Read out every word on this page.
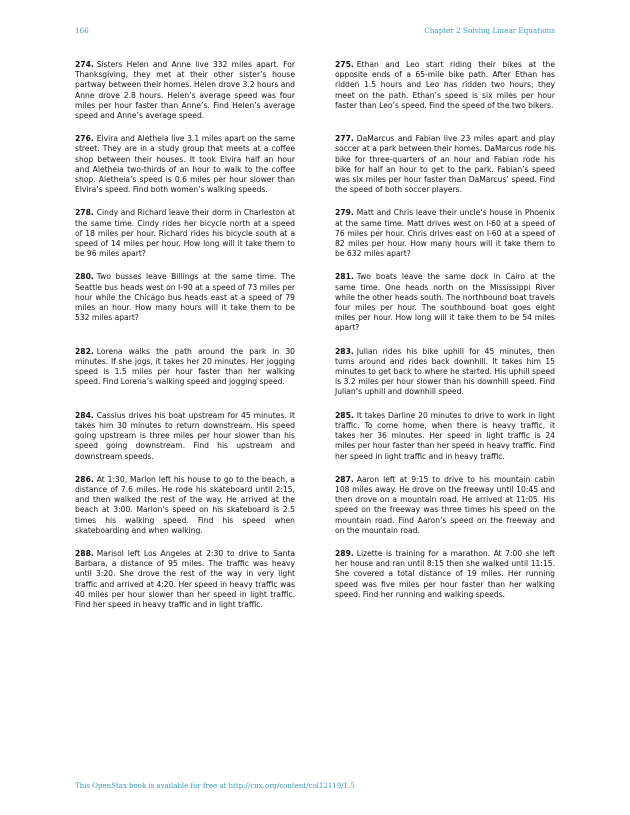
166	Chapter 2 Solving Linear Equations
274. Sisters Helen and Anne live 332 miles apart. For Thanksgiving, they met at their other sister’s house partway between their homes. Helen drove 3.2 hours and Anne drove 2.8 hours. Helen’s average speed was four miles per hour faster than Anne’s. Find Helen’s average speed and Anne’s average speed.
275. Ethan and Leo start riding their bikes at the opposite ends of a 65-mile bike path. After Ethan has ridden 1.5 hours and Leo has ridden two hours, they meet on the path. Ethan’s speed is six miles per hour faster than Leo’s speed. Find the speed of the two bikers.
276. Elvira and Aletheia live 3.1 miles apart on the same street. They are in a study group that meets at a coffee shop between their houses. It took Elvira half an hour and Aletheia two-thirds of an hour to walk to the coffee shop. Aletheia’s speed is 0.6 miles per hour slower than Elvira’s speed. Find both women’s walking speeds.
277. DaMarcus and Fabian live 23 miles apart and play soccer at a park between their homes. DaMarcus rode his bike for three-quarters of an hour and Fabian rode his bike for half an hour to get to the park. Fabian’s speed was six miles per hour faster than DaMarcus’ speed. Find the speed of both soccer players.
278. Cindy and Richard leave their dorm in Charleston at the same time. Cindy rides her bicycle north at a speed of 18 miles per hour. Richard rides his bicycle south at a speed of 14 miles per hour. How long will it take them to be 96 miles apart?
279. Matt and Chris leave their uncle’s house in Phoenix at the same time. Matt drives west on I-60 at a speed of 76 miles per hour. Chris drives east on I-60 at a speed of 82 miles per hour. How many hours will it take them to be 632 miles apart?
280. Two busses leave Billings at the same time. The Seattle bus heads west on I-90 at a speed of 73 miles per hour while the Chicago bus heads east at a speed of 79 miles an hour. How many hours will it take them to be 532 miles apart?
281. Two boats leave the same dock in Cairo at the same time. One heads north on the Mississippi River while the other heads south. The northbound boat travels four miles per hour. The southbound boat goes eight miles per hour. How long will it take them to be 54 miles apart?
282. Lorena walks the path around the park in 30 minutes. If she jogs, it takes her 20 minutes. Her jogging speed is 1.5 miles per hour faster than her walking speed. Find Lorena’s walking speed and jogging speed.
283. Julian rides his bike uphill for 45 minutes, then turns around and rides back downhill. It takes him 15 minutes to get back to where he started. His uphill speed is 3.2 miles per hour slower than his downhill speed. Find Julian’s uphill and downhill speed.
284. Cassius drives his boat upstream for 45 minutes. It takes him 30 minutes to return downstream. His speed going upstream is three miles per hour slower than his speed going downstream. Find his upstream and downstream speeds.
285. It takes Darline 20 minutes to drive to work in light traffic. To come home, when there is heavy traffic, it takes her 36 minutes. Her speed in light traffic is 24 miles per hour faster than her speed in heavy traffic. Find her speed in light traffic and in heavy traffic.
286. At 1:30, Marlon left his house to go to the beach, a distance of 7.6 miles. He rode his skateboard until 2:15, and then walked the rest of the way. He arrived at the beach at 3:00. Marlon’s speed on his skateboard is 2.5 times his walking speed. Find his speed when skateboarding and when walking.
287. Aaron left at 9:15 to drive to his mountain cabin 108 miles away. He drove on the freeway until 10:45 and then drove on a mountain road. He arrived at 11:05. His speed on the freeway was three times his speed on the mountain road. Find Aaron’s speed on the freeway and on the mountain road.
288. Marisol left Los Angeles at 2:30 to drive to Santa Barbara, a distance of 95 miles. The traffic was heavy until 3:20. She drove the rest of the way in very light traffic and arrived at 4:20. Her speed in heavy traffic was 40 miles per hour slower than her speed in light traffic. Find her speed in heavy traffic and in light traffic.
289. Lizette is training for a marathon. At 7:00 she left her house and ran until 8:15 then she walked until 11:15. She covered a total distance of 19 miles. Her running speed was five miles per hour faster than her walking speed. Find her running and walking speeds.
This OpenStax book is available for free at http://cnx.org/content/col12119/1.5
